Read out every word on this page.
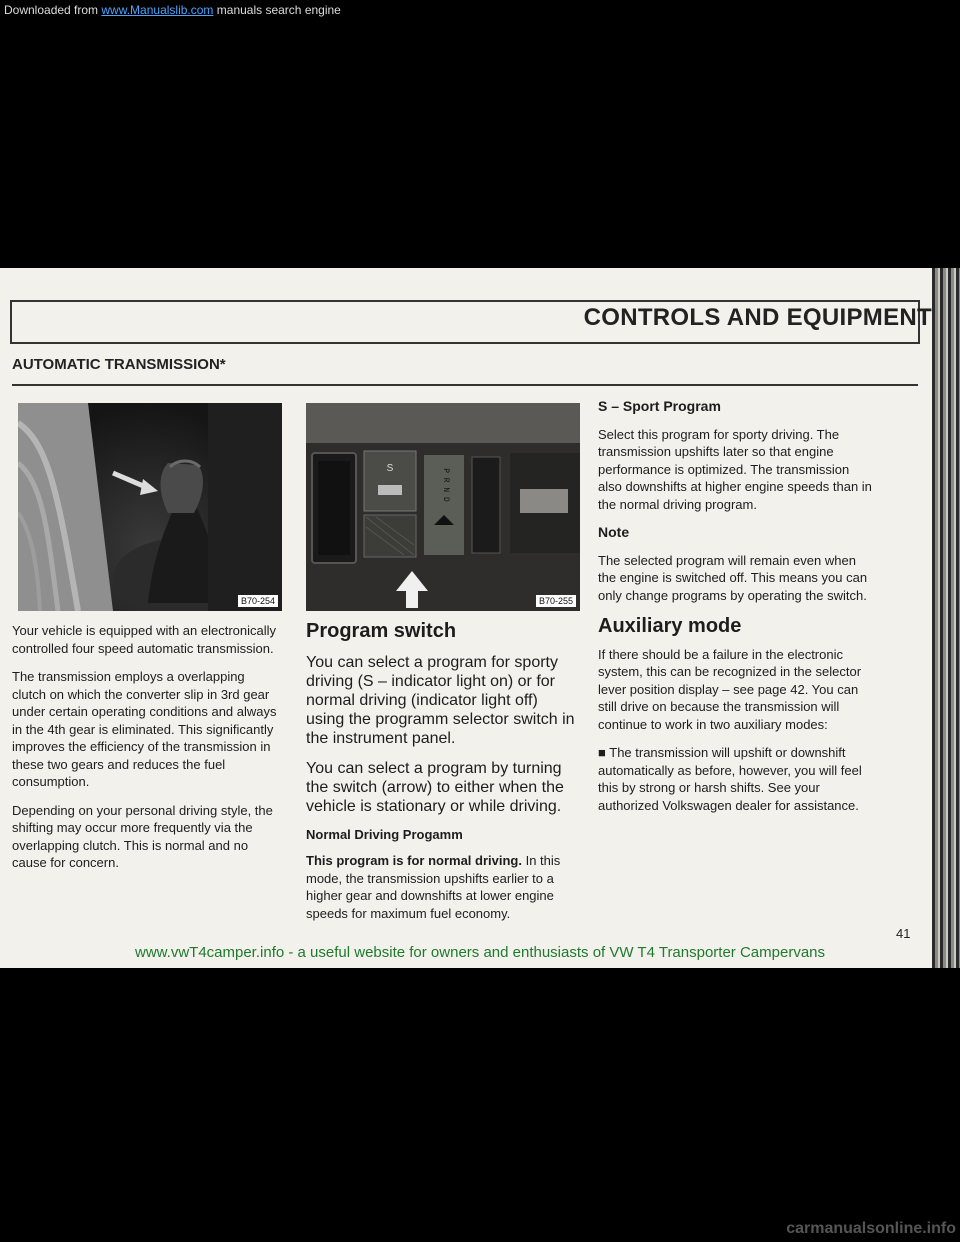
Downloaded from www.Manualslib.com manuals search engine
CONTROLS AND EQUIPMENT
AUTOMATIC TRANSMISSION*
B70-254
S	P R N D
B70-255

Your vehicle is equipped with an electronically controlled four speed automatic transmission.

The transmission employs a overlapping clutch on which the converter slip in 3rd gear under certain operating conditions and always in the 4th gear is eliminated. This significantly improves the efficiency of the transmission in these two gears and reduces the fuel consumption.

Depending on your personal driving style, the shifting may occur more frequently via the overlapping clutch. This is normal and no cause for concern.

Program switch

You can select a program for sporty driving (S – indicator light on) or for normal driving (indicator light off) using the programm selector switch in the instrument panel.

You can select a program by turning the switch (arrow) to either when the vehicle is stationary or while driving.

Normal Driving Progamm

This program is for normal driving. In this mode, the transmission upshifts earlier to a higher gear and downshifts at lower engine speeds for maximum fuel economy.

S – Sport Program

Select this program for sporty driving. The transmission upshifts later so that engine performance is optimized. The transmission also downshifts at higher engine speeds than in the normal driving program.

Note

The selected program will remain even when the engine is switched off. This means you can only change programs by operating the switch.

Auxiliary mode

If there should be a failure in the electronic system, this can be recognized in the selector lever position display – see page 42. You can still drive on because the transmission will continue to work in two auxiliary modes:

■ The transmission will upshift or downshift automatically as before, however, you will feel this by strong or harsh shifts. See your authorized Volkswagen dealer for assistance.

41
www.vwT4camper.info - a useful website for owners and enthusiasts of VW T4 Transporter Campervans
carmanualsonline.info
